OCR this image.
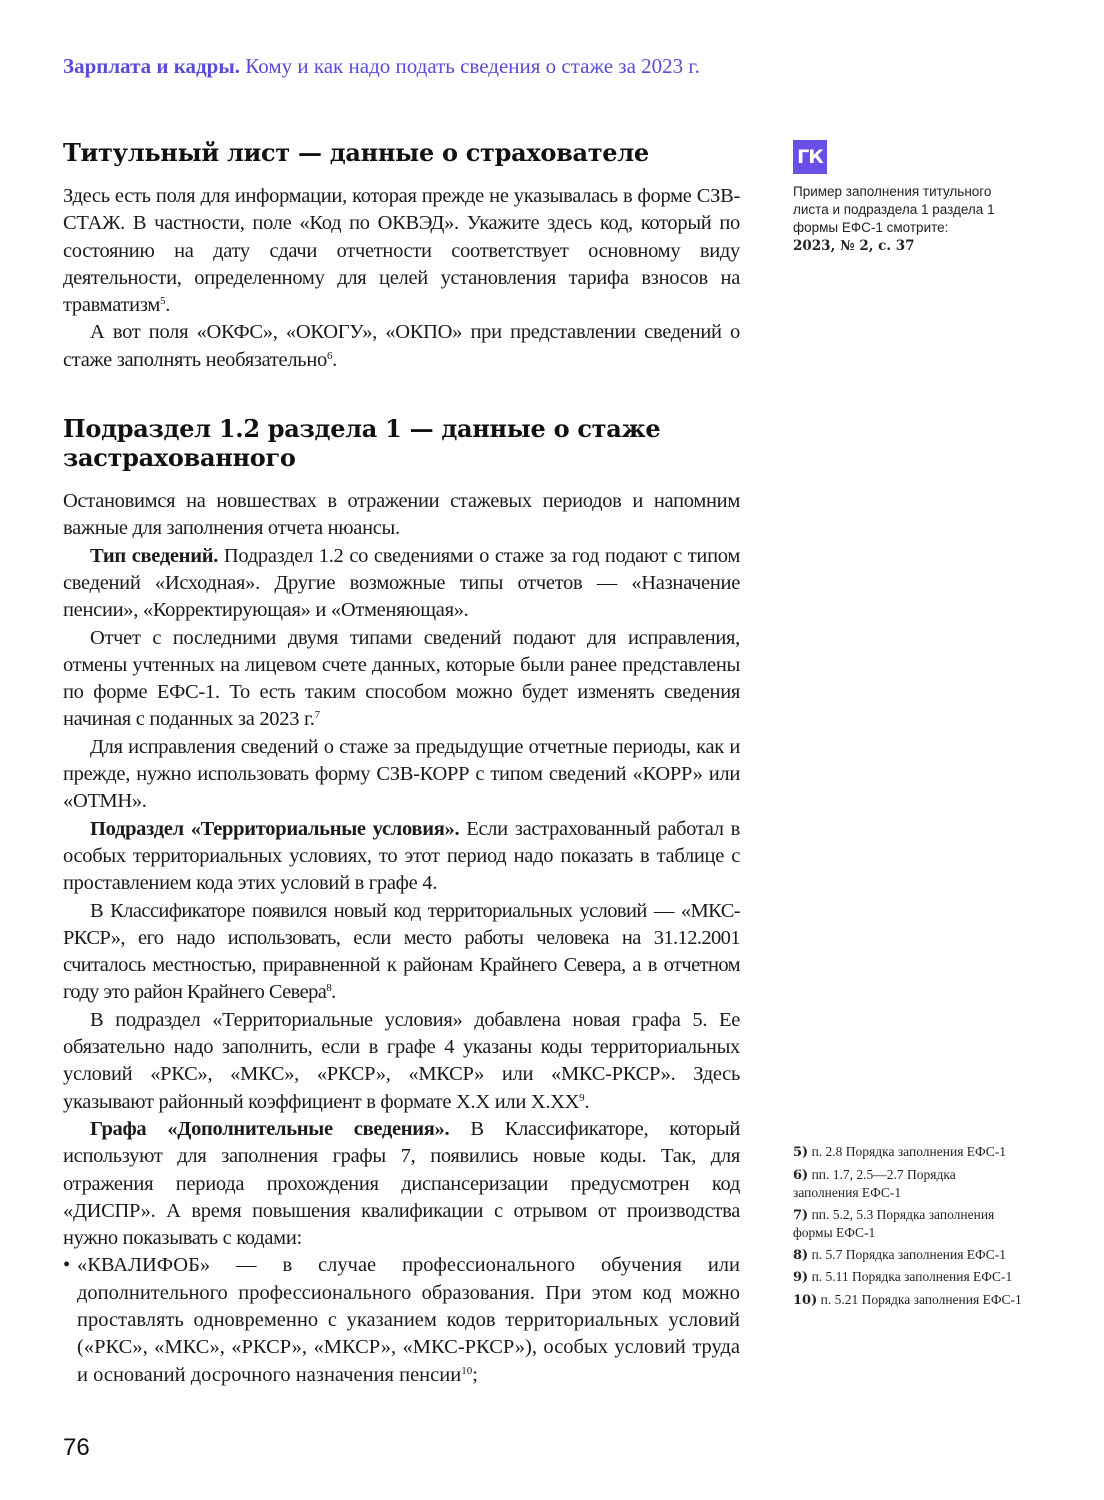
Зарплата и кадры. Кому и как надо подать сведения о стаже за 2023 г.
ГК
Пример заполнения титульного листа и подраздела 1 раздела 1 формы ЕФС-1 смотрите:
2023, № 2, с. 37
Титульный лист — данные о страхователе

Здесь есть поля для информации, которая прежде не указывалась в форме СЗВ-СТАЖ. В частности, поле «Код по ОКВЭД». Укажите здесь код, который по состоянию на дату сдачи отчетности соответствует основному виду деятельности, определенному для целей установления тарифа взносов на травматизм$^5$.

А вот поля «ОКФС», «ОКОГУ», «ОКПО» при представлении сведений о стаже заполнять необязательно$^6$.

Подраздел 1.2 раздела 1 — данные о стаже застрахованного

Остановимся на новшествах в отражении стажевых периодов и напомним важные для заполнения отчета нюансы.

Тип сведений. Подраздел 1.2 со сведениями о стаже за год подают с типом сведений «Исходная». Другие возможные типы отчетов — «Назначение пенсии», «Корректирующая» и «Отменяющая».

Отчет с последними двумя типами сведений подают для исправления, отмены учтенных на лицевом счете данных, которые были ранее представлены по форме ЕФС-1. То есть таким способом можно будет изменять сведения начиная с поданных за 2023 г.$^7$

Для исправления сведений о стаже за предыдущие отчетные периоды, как и прежде, нужно использовать форму СЗВ-КОРР с типом сведений «КОРР» или «ОТМН».

Подраздел «Территориальные условия». Если застрахованный работал в особых территориальных условиях, то этот период надо показать в таблице с проставлением кода этих условий в графе 4.

В Классификаторе появился новый код территориальных условий — «МКС-РКСР», его надо использовать, если место работы человека на 31.12.2001 считалось местностью, приравненной к районам Крайнего Севера, а в отчетном году это район Крайнего Севера$^8$.

В подраздел «Территориальные условия» добавлена новая графа 5. Ее обязательно надо заполнить, если в графе 4 указаны коды территориальных условий «РКС», «МКС», «РКСР», «МКСР» или «МКС-РКСР». Здесь указывают районный коэффициент в формате Х.Х или $Х.ХХ^9$.

Графа «Дополнительные сведения». В Классификаторе, который используют для заполнения графы 7, появились новые коды. Так, для отражения периода прохождения диспансеризации предусмотрен код «ДИСПР». А время повышения квалификации с отрывом от производства нужно показывать с кодами:

• «КВАЛИФОБ» — в случае профессионального обучения или дополнительного профессионального образования. При этом код можно проставлять одновременно с указанием кодов территориальных условий («РКС», «МКС», «РКСР», «МКСР», «МКС-РКСР»), особых условий труда и оснований досрочного назначения пенсии$^{10}$;
5) п. 2.8 Порядка заполнения ЕФС-1
6) пп. 1.7, 2.5—2.7 Порядка заполнения ЕФС-1
7) пп. 5.2, 5.3 Порядка заполнения формы ЕФС-1
8) п. 5.7 Порядка заполнения ЕФС-1
9) п. 5.11 Порядка заполнения ЕФС-1
10) п. 5.21 Порядка заполнения ЕФС-1
76
